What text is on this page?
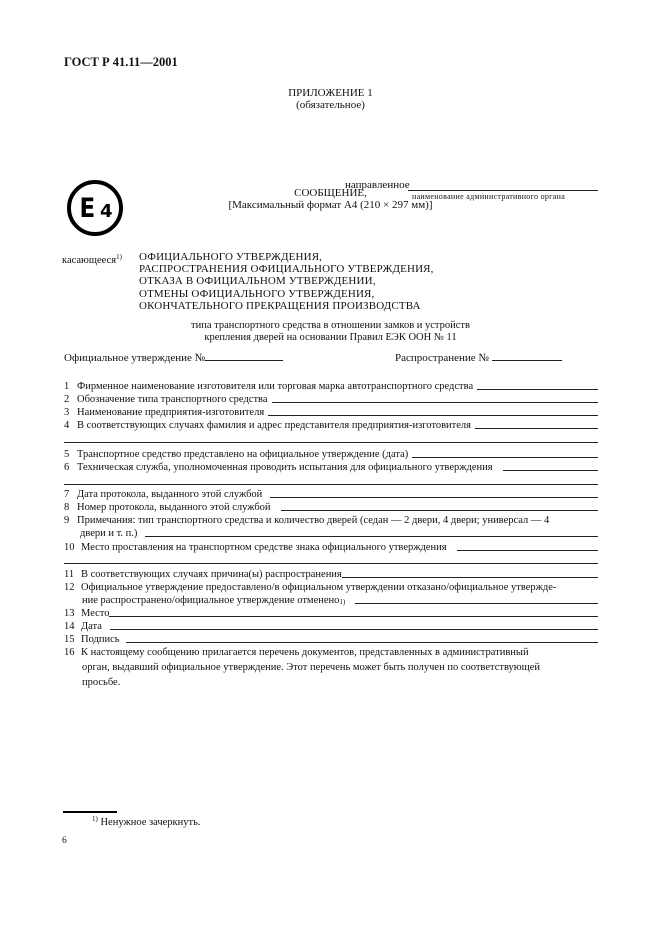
ГОСТ Р 41.11—2001
ПРИЛОЖЕНИЕ 1
(обязательное)
СООБЩЕНИЕ,
[Максимальный формат А4 (210 × 297 мм)]
направленное
наименование административного органа
E 4
касающееся$^{1)}$ ОФИЦИАЛЬНОГО УТВЕРЖДЕНИЯ,
РАСПРОСТРАНЕНИЯ ОФИЦИАЛЬНОГО УТВЕРЖДЕНИЯ,
ОТКАЗА В ОФИЦИАЛЬНОМ УТВЕРЖДЕНИИ,
ОТМЕНЫ ОФИЦИАЛЬНОГО УТВЕРЖДЕНИЯ,
ОКОНЧАТЕЛЬНОГО ПРЕКРАЩЕНИЯ ПРОИЗВОДСТВА
типа транспортного средства в отношении замков и устройств
крепления дверей на основании Правил ЕЭК ООН № 11
Официальное утверждение №	Распространение №
1 Фирменное наименование изготовителя или торговая марка автотранспортного средства
2 Обозначение типа транспортного средства
3 Наименование предприятия-изготовителя
4 В соответствующих случаях фамилия и адрес представителя предприятия-изготовителя
5 Транспортное средство представлено на официальное утверждение (дата)
6 Техническая служба, уполномоченная проводить испытания для официального утверждения
7 Дата протокола, выданного этой службой
8 Номер протокола, выданного этой службой
9 Примечания: тип транспортного средства и количество дверей (седан — 2 двери, 4 двери; универсал — 4
двери и т. п.)
10 Место проставления на транспортном средстве знака официального утверждения
11 В соответствующих случаях причина(ы) распространения
12 Официальное утверждение предоставлено/в официальном утверждении отказано/официальное утвержде-
ние распространено/официальное утверждение отменено 1)
13 Место
14 Дата
15 Подпись
16 К настоящему сообщению прилагается перечень документов, представленных в административный
орган, выдавший официальное утверждение. Этот перечень может быть получен по соответствующей
просьбе.
$^{1)}$ Ненужное зачеркнуть.
6
